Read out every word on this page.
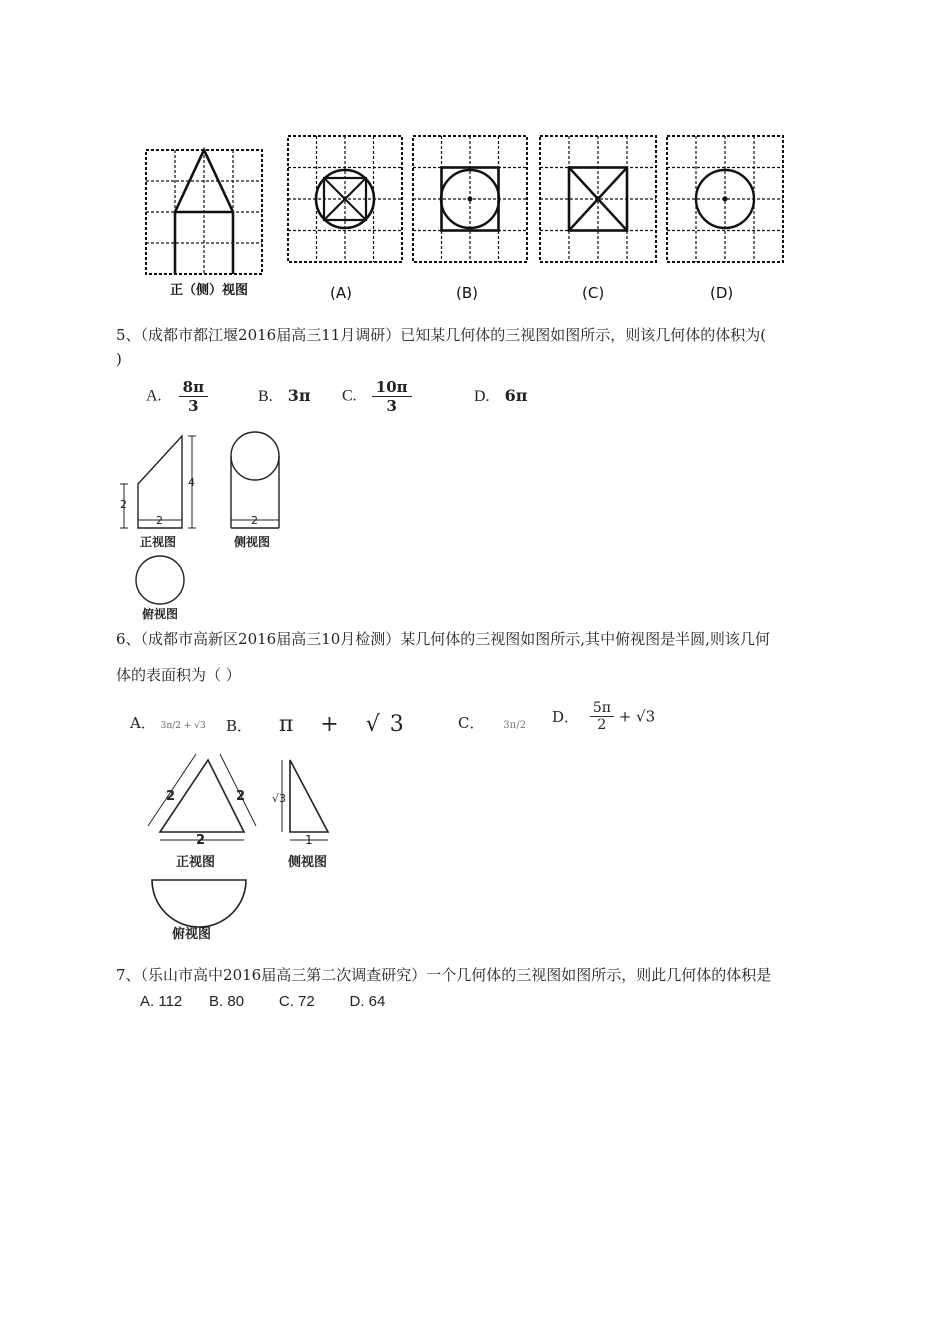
正（侧）视图	(A)	(B)	(C)	(D)
5、（成都市都江堰2016届高三11月调研）已知某几何体的三视图如图所示，则该几何体的体积为(
)
A. $\frac{8\pi}{3}$	B. 3π C. $\frac{10\pi}{3}$	D. 6π
4
2
2
正视图
2
侧视图
俯视图
6、（成都市高新区2016届高三10月检测）某几何体的三视图如图所示,其中俯视图是半圆,则该几何
体的表面积为（ ）
A． 3π/2 + √3 B． π + √3	C． 3π/2 D． $\frac{5\pi}{2} + √3$
2	2
2
正视图
√3
1
侧视图
俯视图
7、（乐山市高中2016届高三第二次调查研究）一个几何体的三视图如图所示，则此几何体的体积是
A. 112 B. 80 C. 72 D. 64
